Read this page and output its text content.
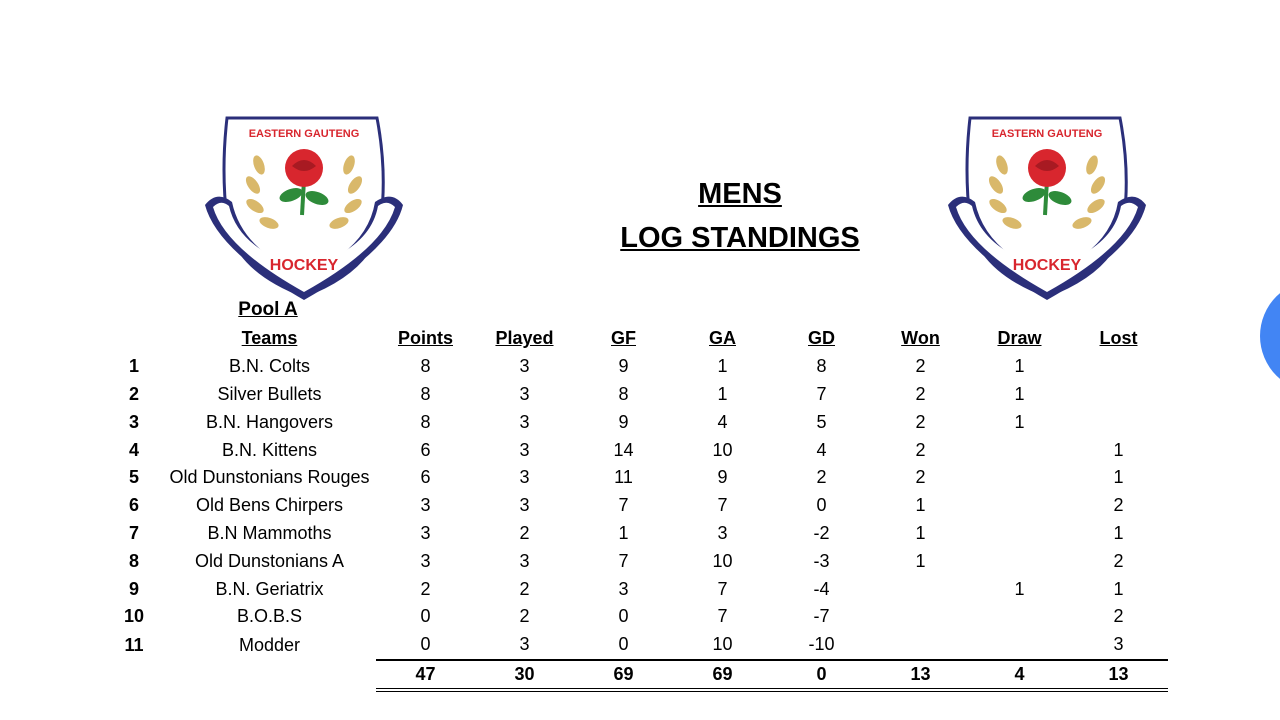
EASTERN GAUTENG
HOCKEY
EASTERN GAUTENG
HOCKEY
MENS
LOG STANDINGS
Pool A
	Teams	Points	Played	GF	GA	GD	Won	Draw	Lost
1	B.N. Colts	8	3	9	1	8	2	1	
2	Silver Bullets	8	3	8	1	7	2	1	
3	B.N. Hangovers	8	3	9	4	5	2	1	
4	B.N. Kittens	6	3	14	10	4	2		1
5	Old Dunstonians Rouges	6	3	11	9	2	2		1
6	Old Bens Chirpers	3	3	7	7	0	1		2
7	B.N Mammoths	3	2	1	3	-2	1		1
8	Old Dunstonians A	3	3	7	10	-3	1		2
9	B.N. Geriatrix	2	2	3	7	-4		1	1
10	B.O.B.S	0	2	0	7	-7			2
11	Modder	0	3	0	10	-10			3
		47	30	69	69	0	13	4	13
